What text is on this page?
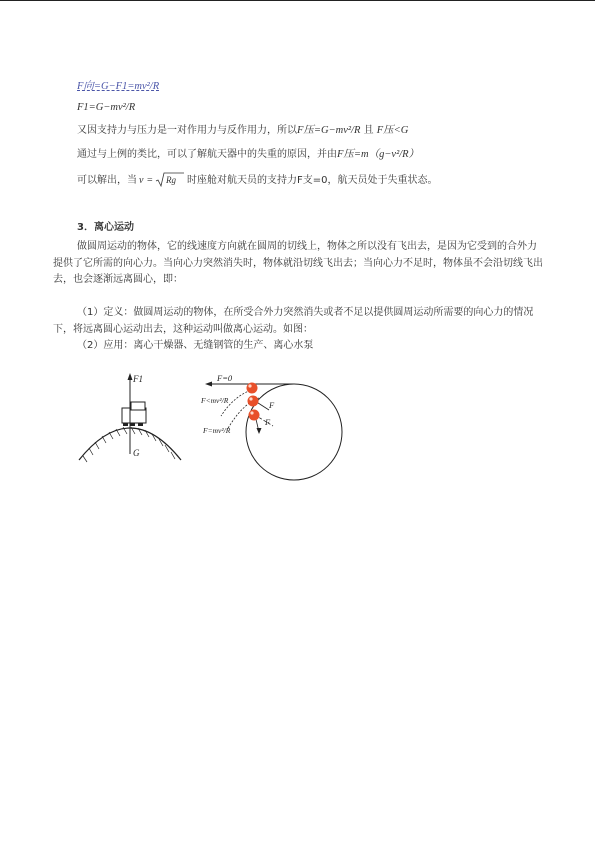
F向=G−F1=mv²/R
F1=G−mv²/R
又因支持力与压力是一对作用力与反作用力，所以F压=G−mv²/R 且 F压<G
通过与上例的类比，可以了解航天器中的失重的原因，并由F压=m（g−v²/R）
可以解出，当 v = Rg 时座舱对航天员的支持力F支=0，航天员处于失重状态。
3．离心运动
做圆周运动的物体，它的线速度方向就在圆周的切线上，物体之所以没有飞出去，是因为它受到的合外力提供了它所需的向心力。当向心力突然消失时，物体就沿切线飞出去；当向心力不足时，物体虽不会沿切线飞出去，也会逐渐远离圆心，即：
（1）定义：做圆周运动的物体，在所受合外力突然消失或者不足以提供圆周运动所需要的向心力的情况下，将远离圆心运动出去，这种运动叫做离心运动。如图：
（2）应用：离心干燥器、无缝钢管的生产、离心水泵
F1
G
F=0
F<mv²/R
F=mv²/R
F
F
